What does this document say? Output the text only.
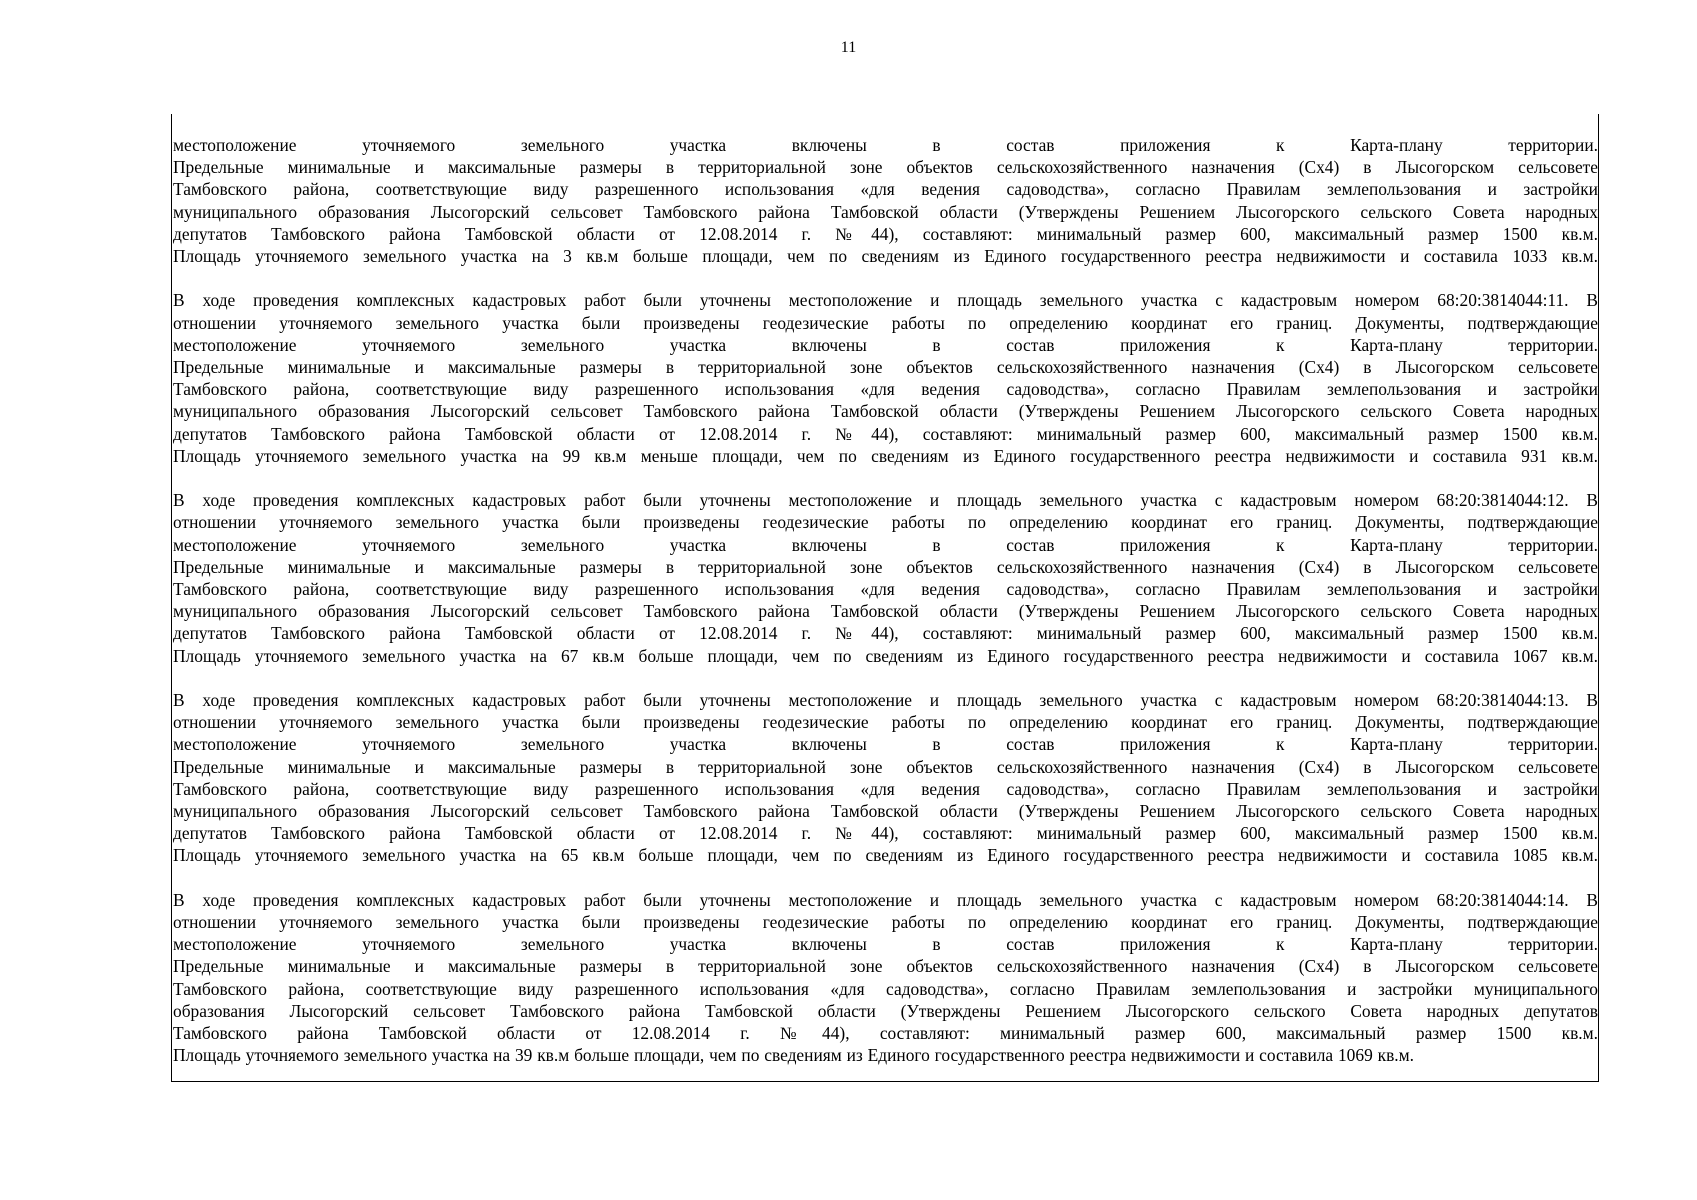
11

местоположение уточняемого земельного участка включены в состав приложения к Карта-плану территории.
Предельные минимальные и максимальные размеры в территориальной зоне объектов сельскохозяйственного назначения (Сх4) в Лысогорском сельсовете
Тамбовского района, соответствующие виду разрешенного использования «для ведения садоводства», согласно Правилам землепользования и застройки
муниципального образования Лысогорский сельсовет Тамбовского района Тамбовской области (Утверждены Решением Лысогорского сельского Совета народных
депутатов Тамбовского района Тамбовской области от 12.08.2014 г. №44), составляют: минимальный размер 600, максимальный размер 1500 кв.м.
Площадь уточняемого земельного участка на 3 кв.м больше площади, чем по сведениям из Единого государственного реестра недвижимости и составила 1033 кв.м.

В ходе проведения комплексных кадастровых работ были уточнены местоположение и площадь земельного участка с кадастровым номером 68:20:3814044:11. В
отношении уточняемого земельного участка были произведены геодезические работы по определению координат его границ. Документы, подтверждающие
местоположение уточняемого земельного участка включены в состав приложения к Карта-плану территории.
Предельные минимальные и максимальные размеры в территориальной зоне объектов сельскохозяйственного назначения (Сх4) в Лысогорском сельсовете
Тамбовского района, соответствующие виду разрешенного использования «для ведения садоводства», согласно Правилам землепользования и застройки
муниципального образования Лысогорский сельсовет Тамбовского района Тамбовской области (Утверждены Решением Лысогорского сельского Совета народных
депутатов Тамбовского района Тамбовской области от 12.08.2014 г. №44), составляют: минимальный размер 600, максимальный размер 1500 кв.м.
Площадь уточняемого земельного участка на 99 кв.м меньше площади, чем по сведениям из Единого государственного реестра недвижимости и составила 931 кв.м.

В ходе проведения комплексных кадастровых работ были уточнены местоположение и площадь земельного участка с кадастровым номером 68:20:3814044:12. В
отношении уточняемого земельного участка были произведены геодезические работы по определению координат его границ. Документы, подтверждающие
местоположение уточняемого земельного участка включены в состав приложения к Карта-плану территории.
Предельные минимальные и максимальные размеры в территориальной зоне объектов сельскохозяйственного назначения (Сх4) в Лысогорском сельсовете
Тамбовского района, соответствующие виду разрешенного использования «для ведения садоводства», согласно Правилам землепользования и застройки
муниципального образования Лысогорский сельсовет Тамбовского района Тамбовской области (Утверждены Решением Лысогорского сельского Совета народных
депутатов Тамбовского района Тамбовской области от 12.08.2014 г. №44), составляют: минимальный размер 600, максимальный размер 1500 кв.м.
Площадь уточняемого земельного участка на 67 кв.м больше площади, чем по сведениям из Единого государственного реестра недвижимости и составила 1067 кв.м.

В ходе проведения комплексных кадастровых работ были уточнены местоположение и площадь земельного участка с кадастровым номером 68:20:3814044:13. В
отношении уточняемого земельного участка были произведены геодезические работы по определению координат его границ. Документы, подтверждающие
местоположение уточняемого земельного участка включены в состав приложения к Карта-плану территории.
Предельные минимальные и максимальные размеры в территориальной зоне объектов сельскохозяйственного назначения (Сх4) в Лысогорском сельсовете
Тамбовского района, соответствующие виду разрешенного использования «для ведения садоводства», согласно Правилам землепользования и застройки
муниципального образования Лысогорский сельсовет Тамбовского района Тамбовской области (Утверждены Решением Лысогорского сельского Совета народных
депутатов Тамбовского района Тамбовской области от 12.08.2014 г. №44), составляют: минимальный размер 600, максимальный размер 1500 кв.м.
Площадь уточняемого земельного участка на 65 кв.м больше площади, чем по сведениям из Единого государственного реестра недвижимости и составила 1085 кв.м.

В ходе проведения комплексных кадастровых работ были уточнены местоположение и площадь земельного участка с кадастровым номером 68:20:3814044:14. В
отношении уточняемого земельного участка были произведены геодезические работы по определению координат его границ. Документы, подтверждающие
местоположение уточняемого земельного участка включены в состав приложения к Карта-плану территории.
Предельные минимальные и максимальные размеры в территориальной зоне объектов сельскохозяйственного назначения (Сх4) в Лысогорском сельсовете
Тамбовского района, соответствующие виду разрешенного использования «для садоводства», согласно Правилам землепользования и застройки муниципального
образования Лысогорский сельсовет Тамбовского района Тамбовской области (Утверждены Решением Лысогорского сельского Совета народных депутатов
Тамбовского района Тамбовской области от 12.08.2014 г. №44), составляют: минимальный размер 600, максимальный размер 1500 кв.м.
Площадь уточняемого земельного участка на 39 кв.м больше площади, чем по сведениям из Единого государственного реестра недвижимости и составила 1069 кв.м.
